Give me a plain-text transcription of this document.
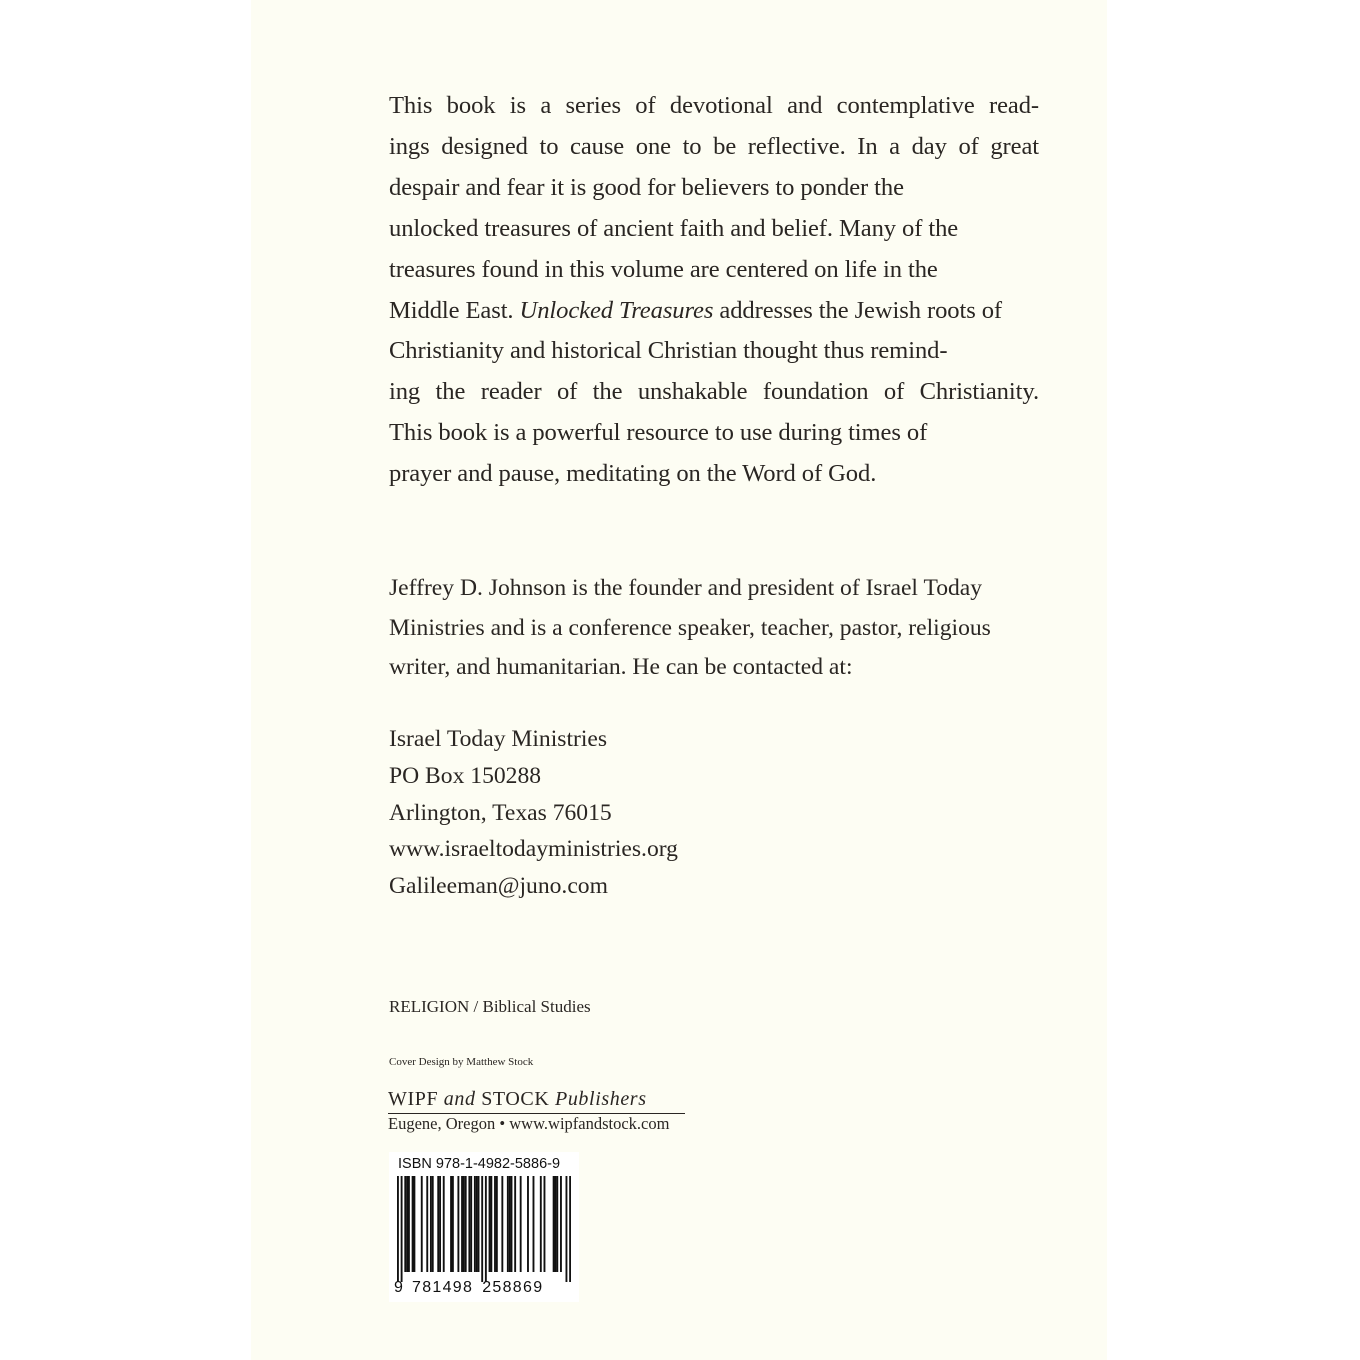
This book is a series of devotional and contemplative read-
ings designed to cause one to be reflective. In a day of great
despair and fear it is good for believers to ponder the
unlocked treasures of ancient faith and belief. Many of the
treasures found in this volume are centered on life in the
Middle East. Unlocked Treasures addresses the Jewish roots of
Christianity and historical Christian thought thus remind-
ing the reader of the unshakable foundation of Christianity.
This book is a powerful resource to use during times of
prayer and pause, meditating on the Word of God.

Jeffrey D. Johnson is the founder and president of Israel Today
Ministries and is a conference speaker, teacher, pastor, religious
writer, and humanitarian. He can be contacted at:

Israel Today Ministries
PO Box 150288
Arlington, Texas 76015
www.israeltodayministries.org
Galileeman@juno.com

RELIGION / Biblical Studies
Cover Design by Matthew Stock
WIPF and STOCK Publishers
Eugene, Oregon • www.wipfandstock.com
ISBN 978-1-4982-5886-9
9 781498 258869
